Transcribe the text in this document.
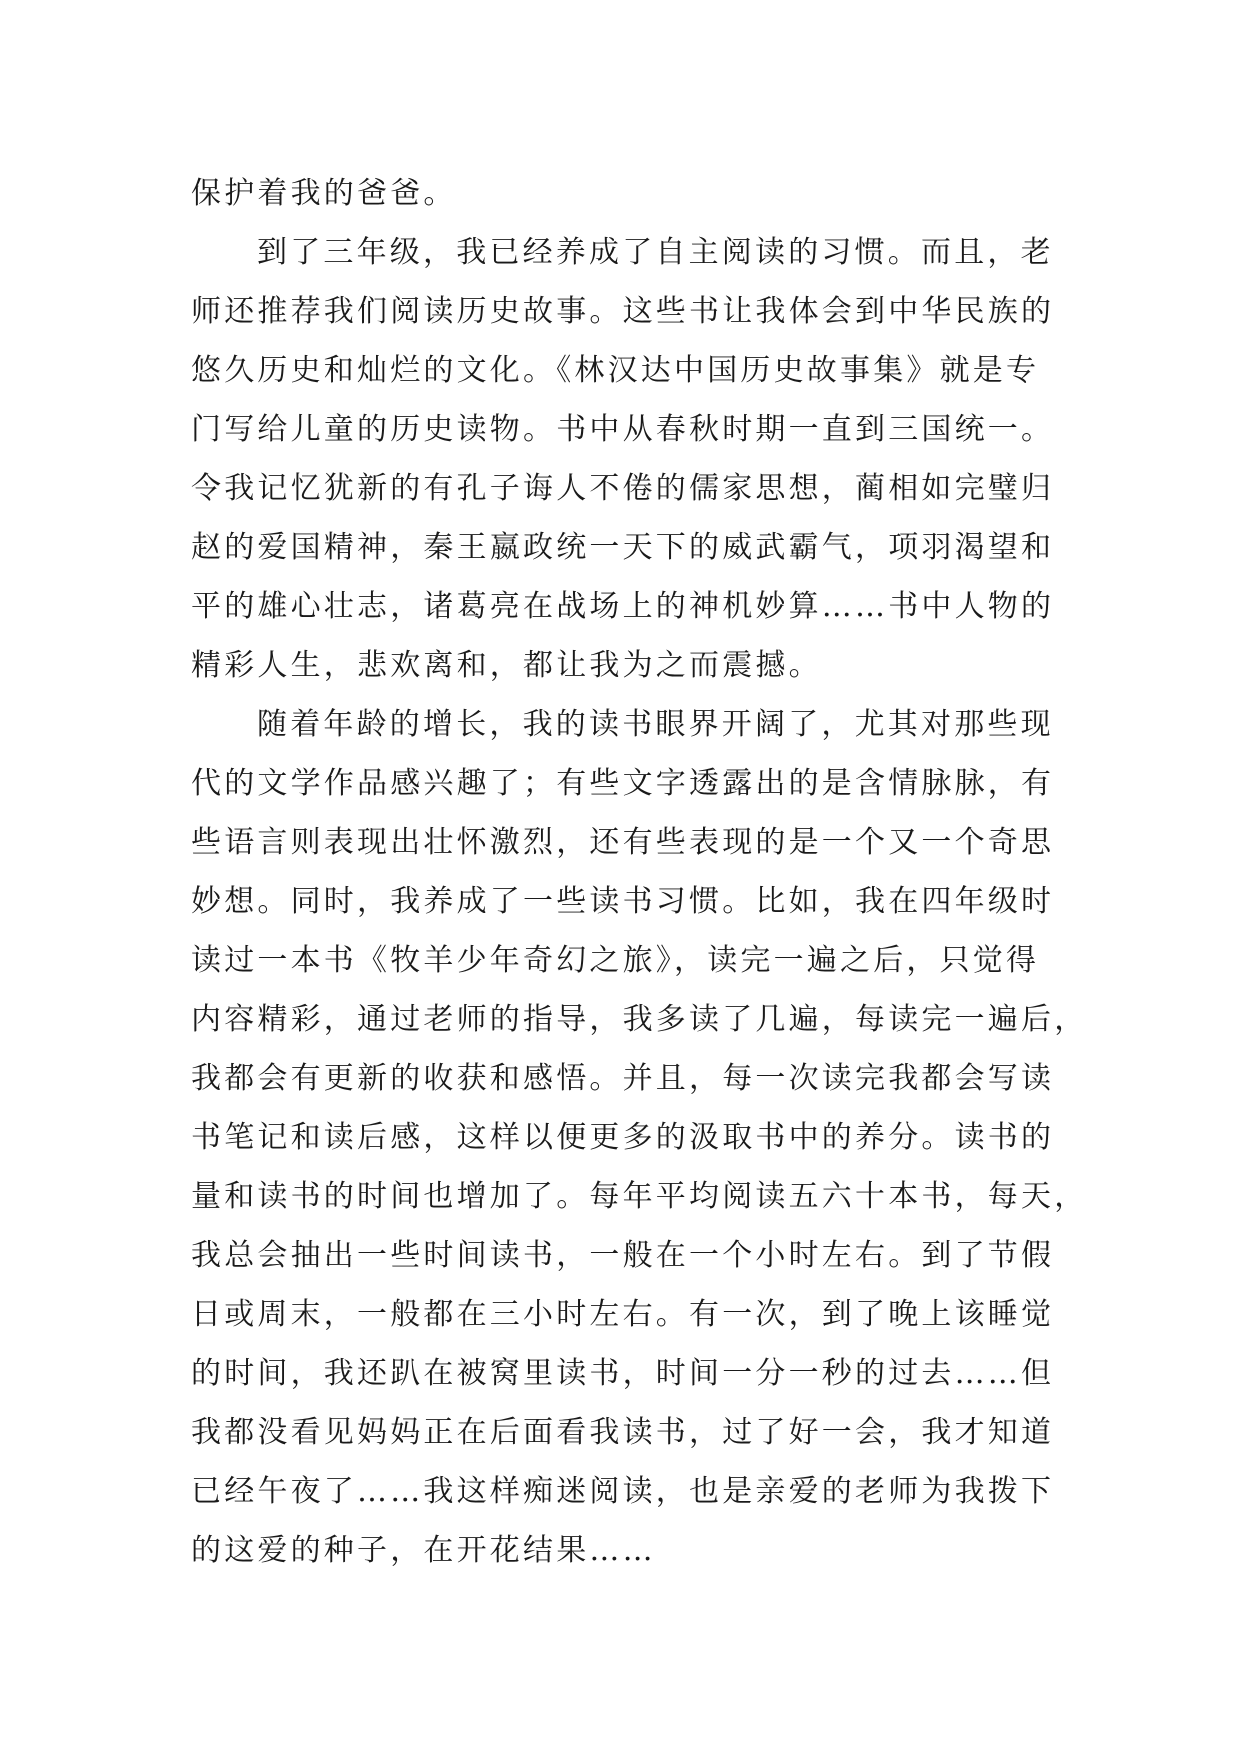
保护着我的爸爸。
到了三年级，我已经养成了自主阅读的习惯。而且，老
师还推荐我们阅读历史故事。这些书让我体会到中华民族的
悠久历史和灿烂的文化。《林汉达中国历史故事集》就是专
门写给儿童的历史读物。书中从春秋时期一直到三国统一。
令我记忆犹新的有孔子诲人不倦的儒家思想，蔺相如完璧归
赵的爱国精神，秦王嬴政统一天下的威武霸气，项羽渴望和
平的雄心壮志，诸葛亮在战场上的神机妙算……书中人物的
精彩人生，悲欢离和，都让我为之而震撼。
随着年龄的增长，我的读书眼界开阔了，尤其对那些现
代的文学作品感兴趣了；有些文字透露出的是含情脉脉，有
些语言则表现出壮怀激烈，还有些表现的是一个又一个奇思
妙想。同时，我养成了一些读书习惯。比如，我在四年级时
读过一本书《牧羊少年奇幻之旅》，读完一遍之后，只觉得
内容精彩，通过老师的指导，我多读了几遍，每读完一遍后，
我都会有更新的收获和感悟。并且，每一次读完我都会写读
书笔记和读后感，这样以便更多的汲取书中的养分。读书的
量和读书的时间也增加了。每年平均阅读五六十本书，每天，
我总会抽出一些时间读书，一般在一个小时左右。到了节假
日或周末，一般都在三小时左右。有一次，到了晚上该睡觉
的时间，我还趴在被窝里读书，时间一分一秒的过去……但
我都没看见妈妈正在后面看我读书，过了好一会，我才知道
已经午夜了……我这样痴迷阅读，也是亲爱的老师为我拨下
的这爱的种子，在开花结果……
